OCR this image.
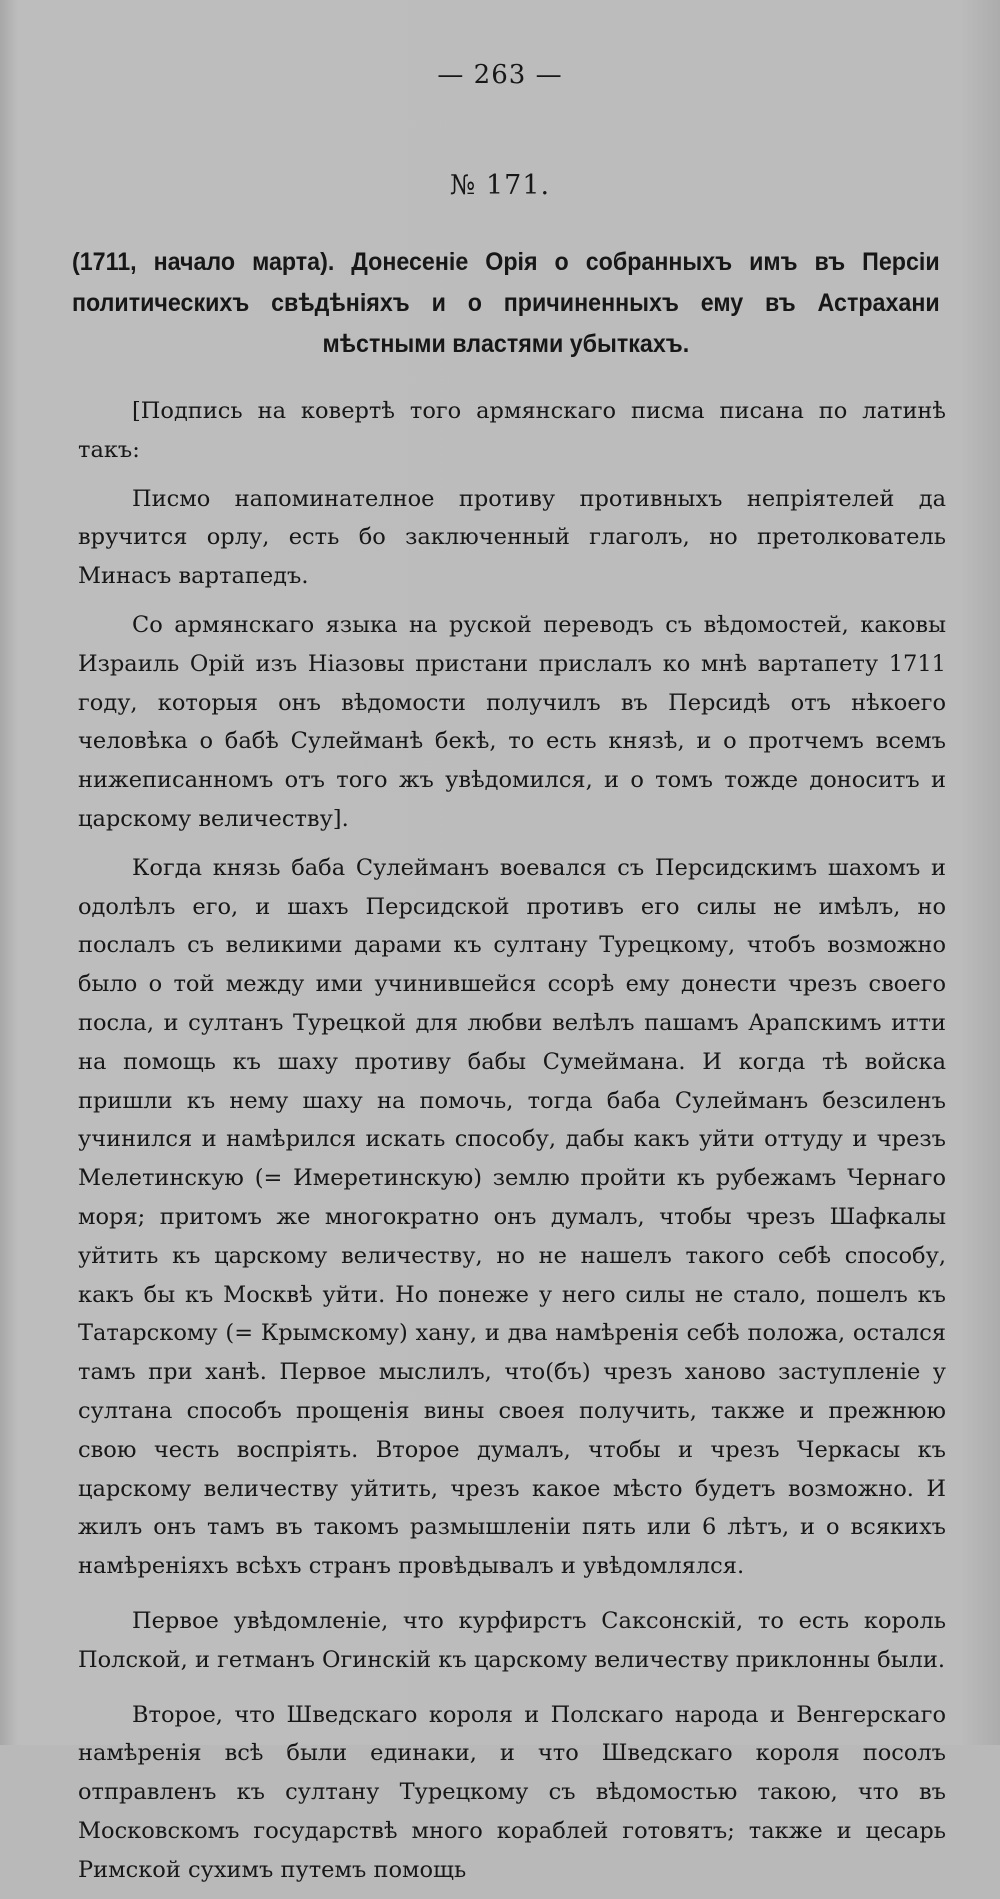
— 263 —
№ 171.
(1711, начало марта). Донесеніе Орія о собранныхъ имъ въ Персіи политическихъ свѣдѣніяхъ и о причиненныхъ ему въ Астрахани мѣстными властями убыткахъ.

[Подпись на ковертѣ того армянскаго писма писана по латинѣ такъ:

Писмо напоминателное противу противныхъ непріятелей да вручится орлу, есть бо заключенный глаголъ, но претолкователь Минасъ вартапедъ.

Со армянскаго языка на руской переводъ съ вѣдомостей, каковы Израиль Орій изъ Ніазовы пристани прислалъ ко мнѣ вартапету 1711 году, которыя онъ вѣдомости получилъ въ Персидѣ отъ нѣкоего человѣка о бабѣ Сулейманѣ бекѣ, то есть князѣ, и о протчемъ всемъ нижеписанномъ отъ того жъ увѣдомился, и о томъ тожде доноситъ и царскому величеству].

Когда князь баба Сулейманъ воевался съ Персидскимъ шахомъ и одолѣлъ его, и шахъ Персидской противъ его силы не имѣлъ, но послалъ съ великими дарами къ султану Турецкому, чтобъ возможно было о той между ими учинившейся ссорѣ ему донести чрезъ своего посла, и султанъ Турецкой для любви велѣлъ пашамъ Арапскимъ итти на помощь къ шаху противу бабы Сумеймана. И когда тѣ войска пришли къ нему шаху на помочь, тогда баба Сулейманъ безсиленъ учинился и намѣрился искать способу, дабы какъ уйти оттуду и чрезъ Мелетинскую (= Имеретинскую) землю пройти къ рубежамъ Чернаго моря; притомъ же многократно онъ думалъ, чтобы чрезъ Шафкалы уйтить къ царскому величеству, но не нашелъ такого себѣ способу, какъ бы къ Москвѣ уйти. Но понеже у него силы не стало, пошелъ къ Татарскому (= Крымскому) хану, и два намѣренія себѣ положа, остался тамъ при ханѣ. Первое мыслилъ, что(бъ) чрезъ ханово заступленіе у султана способъ прощенія вины своея получить, также и прежнюю свою честь воспріять. Второе думалъ, чтобы и чрезъ Черкасы къ царскому величеству уйтить, чрезъ какое мѣсто будетъ возможно. И жилъ онъ тамъ въ такомъ размышленіи пять или 6 лѣтъ, и о всякихъ намѣреніяхъ всѣхъ странъ провѣдывалъ и увѣдомлялся.

Первое увѣдомленіе, что курфирстъ Саксонскій, то есть король Полской, и гетманъ Огинскій къ царскому величеству приклонны были.

Второе, что Шведскаго короля и Полскаго народа и Венгерскаго намѣренія всѣ были единаки, и что Шведскаго короля посолъ отправленъ къ султану Турецкому съ вѣдомостью такою, что въ Московскомъ государствѣ много кораблей готовятъ; также и цесарь Римской сухимъ путемъ помощь
